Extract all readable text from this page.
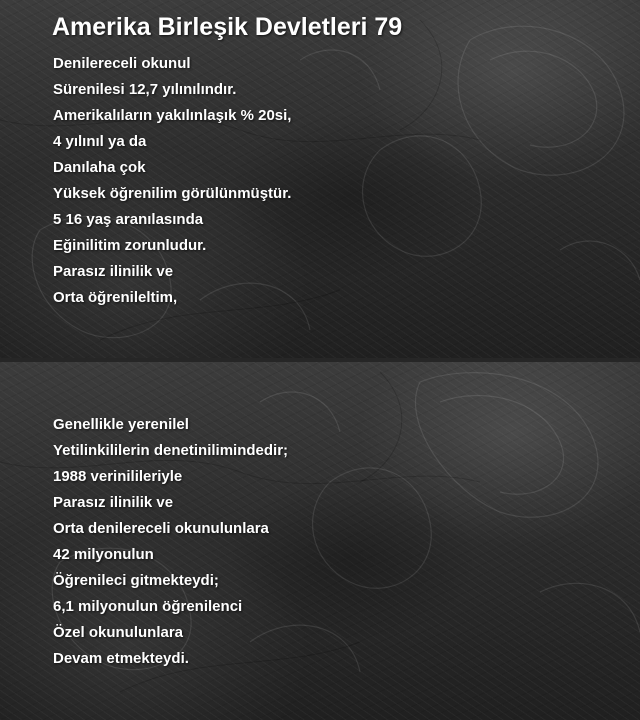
Amerika Birleşik Devletleri 79
Denilereceli okunul
Sürenilesi 12,7 yılınılındır.
Amerikalıların yakılınlaşık % 20si,
4 yılınıl ya da
Danılaha çok
Yüksek öğrenilim görülünmüştür.
5 16 yaş aranılasında
Eğinilitim zorunludur.
Parasız ilinilik ve
Orta öğrenileltim,
Genellikle yerenilel
Yetilinkililerin denetinilimindedir;
1988 verinilileriyle
Parasız ilinilik ve
Orta denilereceli okunulunlara
42 milyonulun
Öğrenileci gitmekteydi;
6,1 milyonulun öğrenilenci
Özel okunulunlara
Devam etmekteydi.
